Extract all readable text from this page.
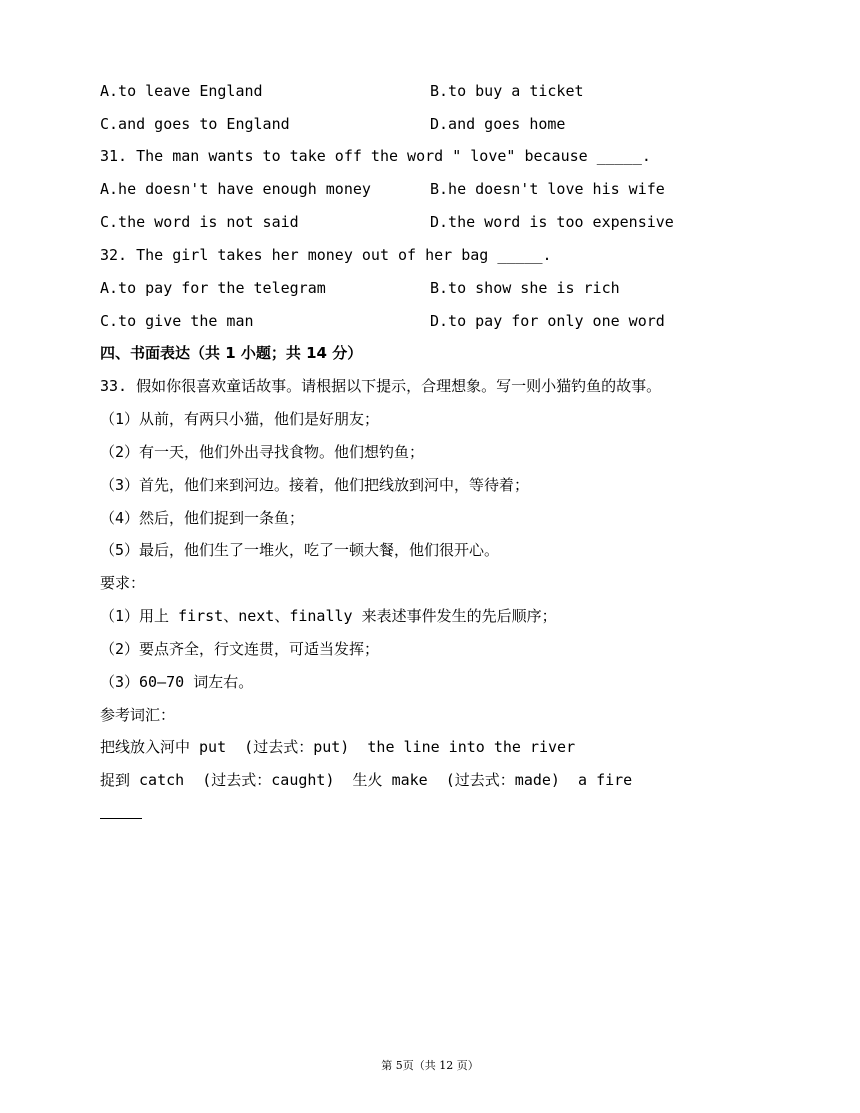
A.to leave England	B.to buy a ticket
C.and goes to England	D.and goes home
31. The man wants to take off the word " love" because _____.
A.he doesn't have enough money	B.he doesn't love his wife
C.the word is not said	D.the word is too expensive
32. The girl takes her money out of her bag _____.
A.to pay for the telegram	B.to show she is rich
C.to give the man	D.to pay for only one word
四、书面表达（共 1 小题；共 14 分）
33. 假如你很喜欢童话故事。请根据以下提示，合理想象。写一则小猫钓鱼的故事。
（1）从前，有两只小猫，他们是好朋友；
（2）有一天，他们外出寻找食物。他们想钓鱼；
（3）首先，他们来到河边。接着，他们把线放到河中，等待着；
（4）然后，他们捉到一条鱼；
（5）最后，他们生了一堆火，吃了一顿大餐，他们很开心。
要求：
（1）用上 first、next、finally 来表述事件发生的先后顺序；
（2）要点齐全，行文连贯，可适当发挥；
（3）60—70 词左右。
参考词汇：
把线放入河中 put  (过去式：put)  the line into the river
捉到 catch  (过去式：caught)  生火 make  (过去式：made)  a fire
第 5页（共 12 页）
